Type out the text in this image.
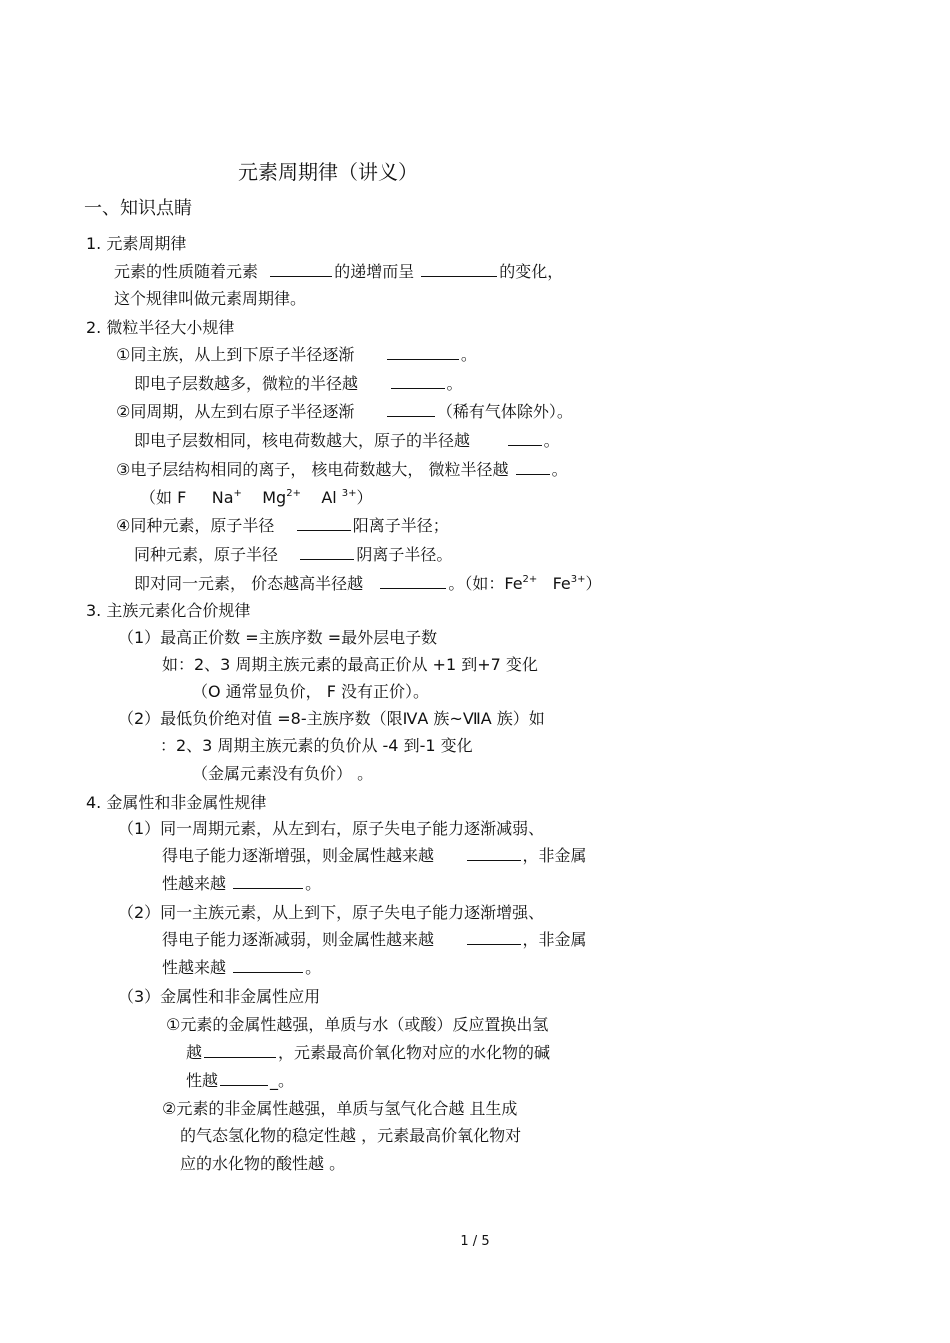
元素周期律（讲义）
一、知识点睛
1. 元素周期律
元素的性质随着元素	的递增而呈	的变化，
这个规律叫做元素周期律。
2. 微粒半径大小规律
①同主族，从上到下原子半径逐渐	。
即电子层数越多，微粒的半径越	。
②同周期，从左到右原子半径逐渐	（稀有气体除外）。
即电子层数相同，核电荷数越大，原子的半径越	。
③电子层结构相同的离子， 核电荷数越大， 微粒半径越	。
（如 F Na+ $Mg^{2+}$ Al $^{3+}$）
④同种元素，原子半径	阳离子半径；
同种元素，原子半径	阴离子半径。
即对同一元素， 价态越高半径越	。（如：$Fe^{2+}$ $Fe^{3+}$）
3. 主族元素化合价规律
（1）最高正价数 =主族序数 =最外层电子数
如：2、3 周期主族元素的最高正价从 +1 到+7 变化
（O 通常显负价， F 没有正价）。
（2）最低负价绝对值 =8-主族序数（限ⅣA 族~ⅦA 族）如
：2、3 周期主族元素的负价从 -4 到-1 变化
（金属元素没有负价） 。
4. 金属性和非金属性规律
（1）同一周期元素，从左到右，原子失电子能力逐渐减弱、
得电子能力逐渐增强，则金属性越来越	，非金属
性越来越	。
（2）同一主族元素，从上到下，原子失电子能力逐渐增强、
得电子能力逐渐减弱，则金属性越来越	，非金属
性越来越	。
（3）金属性和非金属性应用
①元素的金属性越强，单质与水（或酸）反应置换出氢
越	，元素最高价氧化物对应的水化物的碱
性越	_。
②元素的非金属性越强，单质与氢气化合越 且生成
的气态氢化物的稳定性越 ，元素最高价氧化物对
应的水化物的酸性越 。
1 / 5
